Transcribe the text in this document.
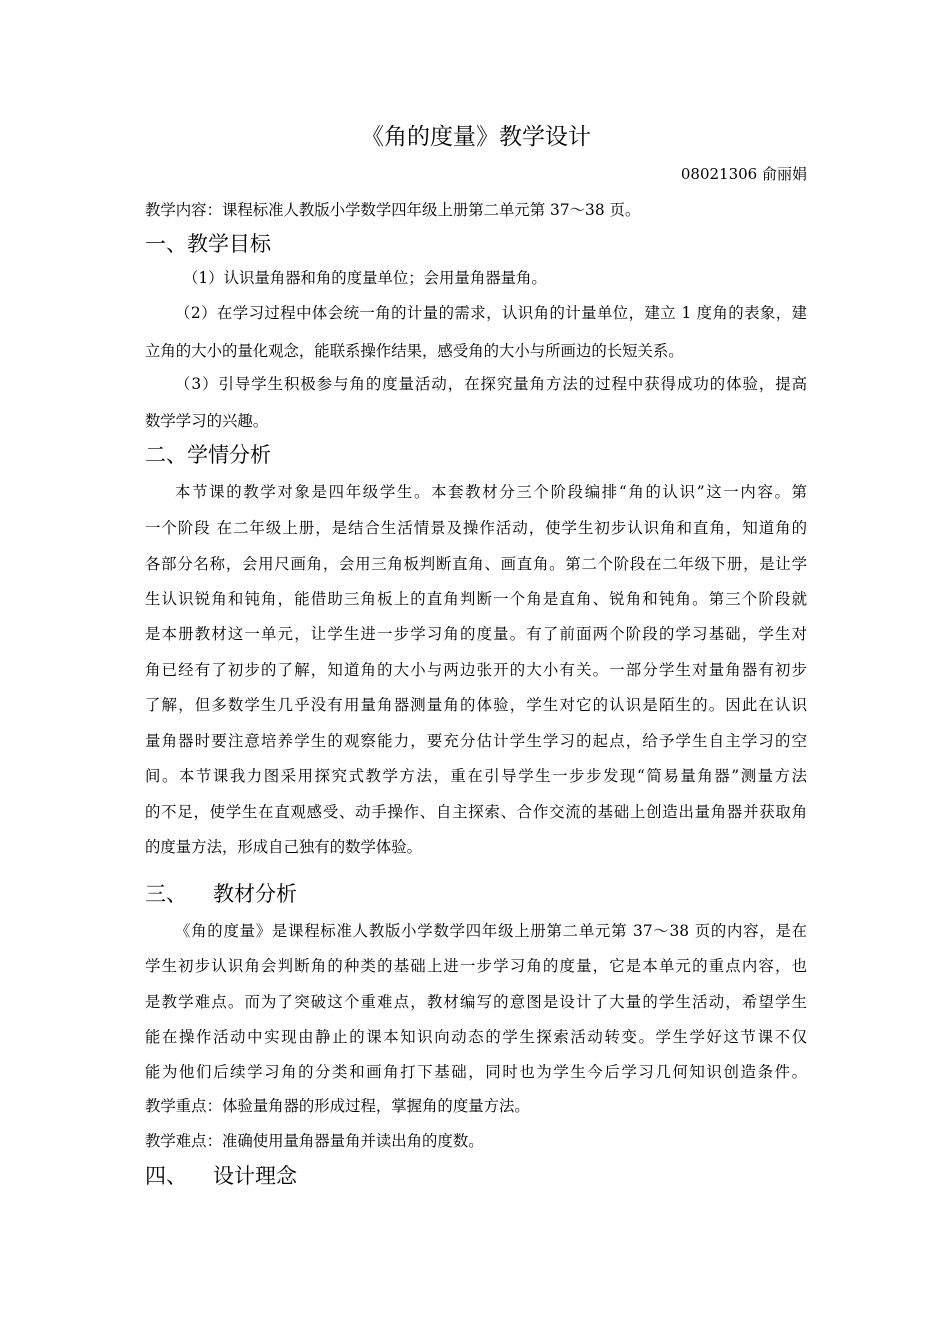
《角的度量》教学设计
08021306 俞丽娟
教学内容：课程标准人教版小学数学四年级上册第二单元第 37～38 页。
一、教学目标
（1）认识量角器和角的度量单位；会用量角器量角。
（2）在学习过程中体会统一角的计量的需求，认识角的计量单位，建立 1 度角的表象，建
立角的大小的量化观念，能联系操作结果，感受角的大小与所画边的长短关系。
（3）引导学生积极参与角的度量活动，在探究量角方法的过程中获得成功的体验，提高
数学学习的兴趣。
二、学情分析
本节课的教学对象是四年级学生。本套教材分三个阶段编排“角的认识”这一内容。第
一个阶段 在二年级上册，是结合生活情景及操作活动，使学生初步认识角和直角，知道角的
各部分名称，会用尺画角，会用三角板判断直角、画直角。第二个阶段在二年级下册，是让学
生认识锐角和钝角，能借助三角板上的直角判断一个角是直角、锐角和钝角。第三个阶段就
是本册教材这一单元，让学生进一步学习角的度量。有了前面两个阶段的学习基础，学生对
角已经有了初步的了解，知道角的大小与两边张开的大小有关。一部分学生对量角器有初步
了解，但多数学生几乎没有用量角器测量角的体验，学生对它的认识是陌生的。因此在认识
量角器时要注意培养学生的观察能力，要充分估计学生学习的起点，给予学生自主学习的空
间。本节课我力图采用探究式教学方法，重在引导学生一步步发现“简易量角器”测量方法
的不足，使学生在直观感受、动手操作、自主探索、合作交流的基础上创造出量角器并获取角
的度量方法，形成自己独有的数学体验。
三、 教材分析
《角的度量》是课程标准人教版小学数学四年级上册第二单元第 37～38 页的内容，是在
学生初步认识角会判断角的种类的基础上进一步学习角的度量，它是本单元的重点内容，也
是教学难点。而为了突破这个重难点，教材编写的意图是设计了大量的学生活动，希望学生
能在操作活动中实现由静止的课本知识向动态的学生探索活动转变。学生学好这节课不仅
能为他们后续学习角的分类和画角打下基础，同时也为学生今后学习几何知识创造条件。
教学重点：体验量角器的形成过程，掌握角的度量方法。
教学难点：准确使用量角器量角并读出角的度数。
四、 设计理念
